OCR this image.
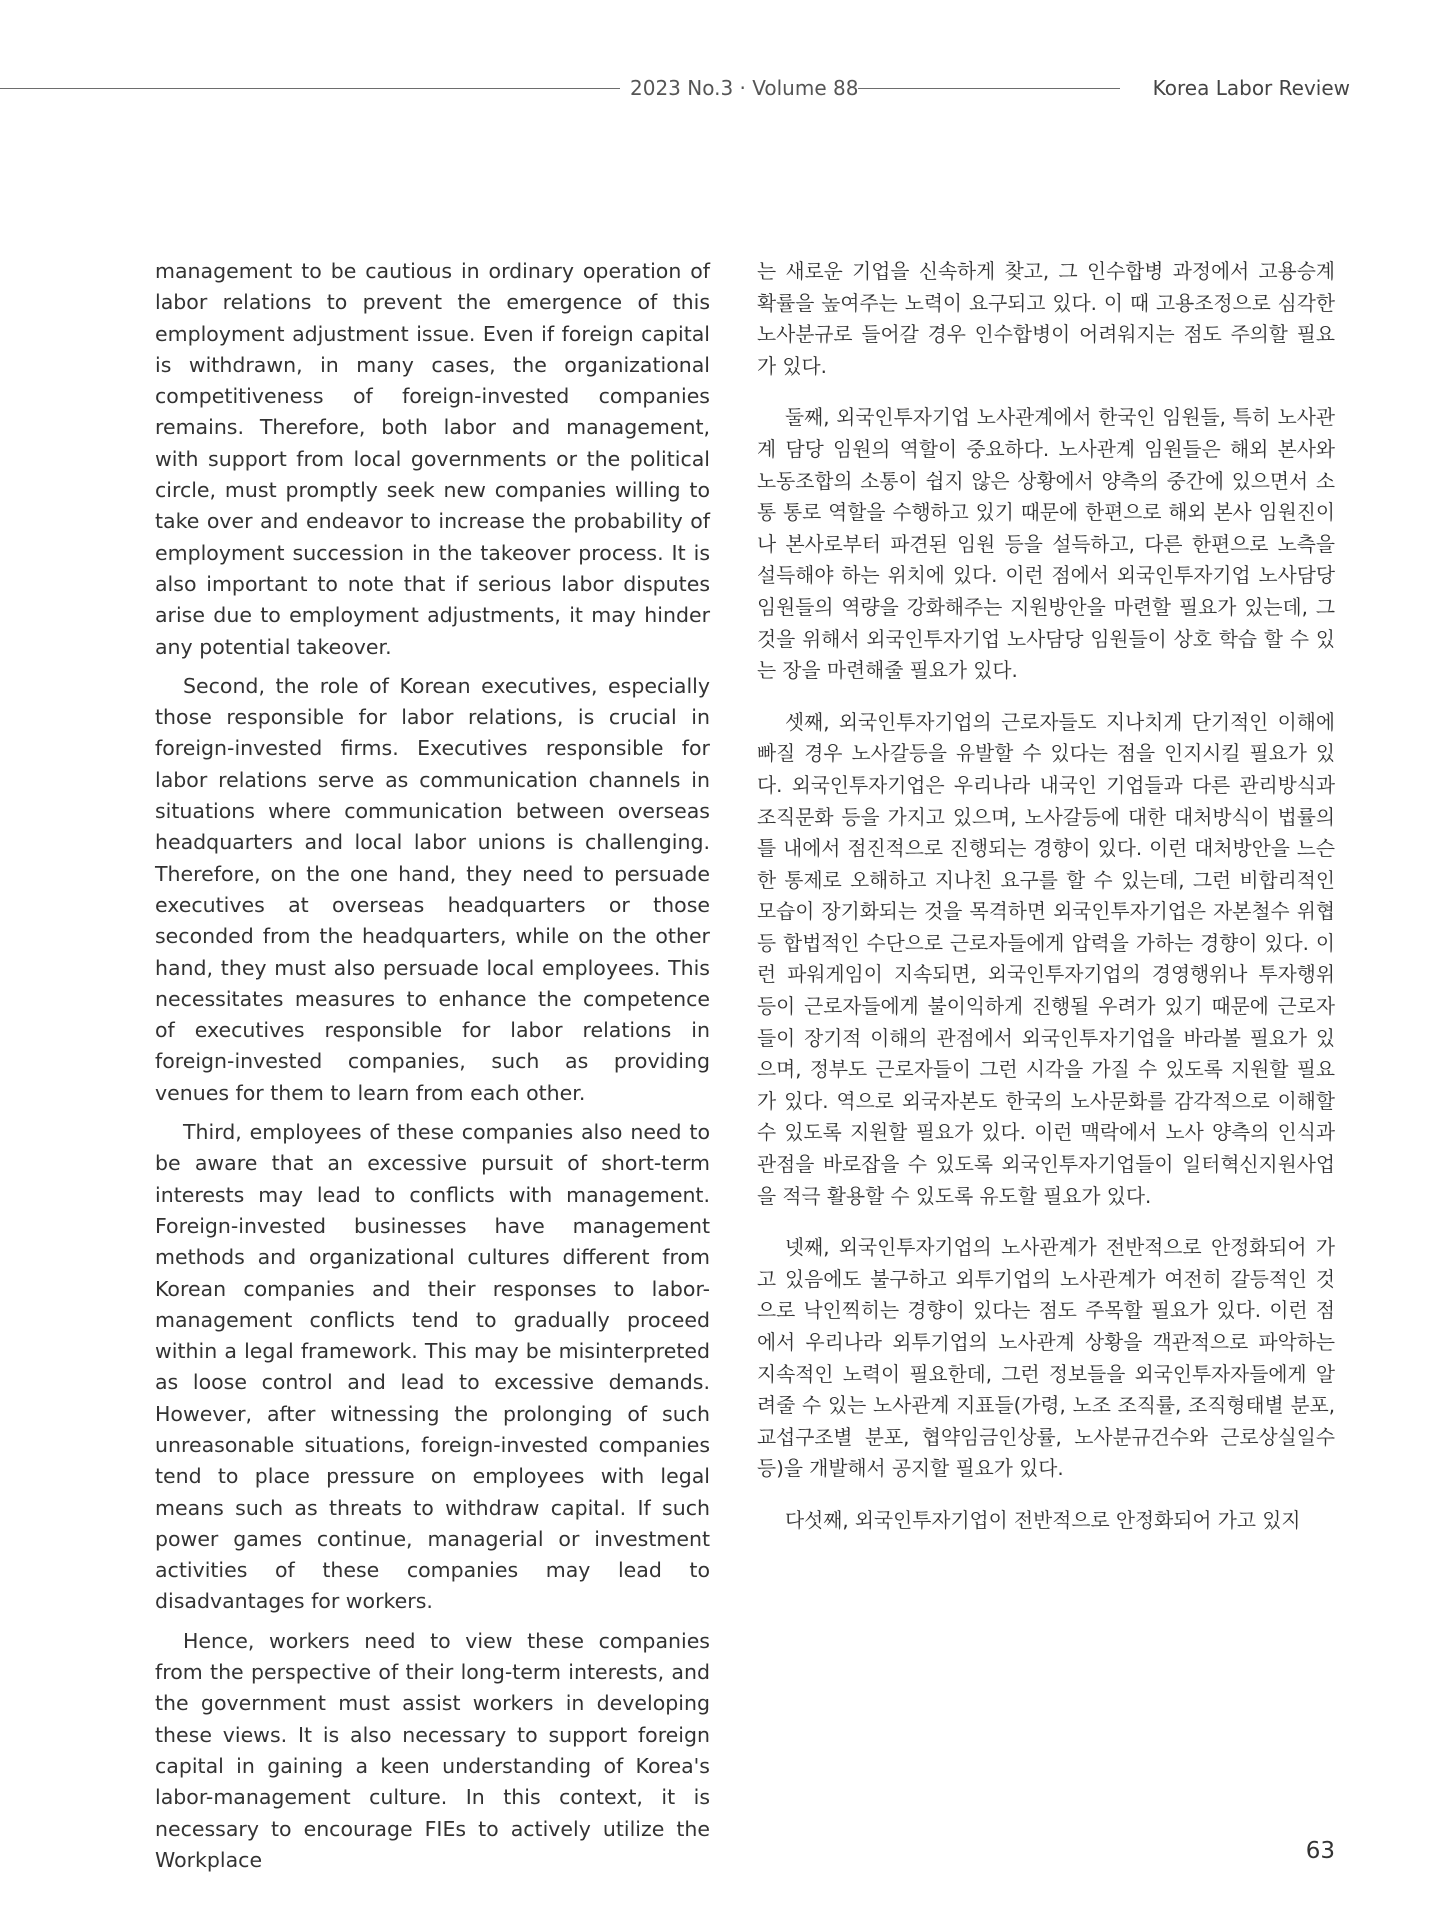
2023 No.3 · Volume 88	Korea Labor Review

management to be cautious in ordinary operation of labor relations to prevent the emergence of this employment adjustment issue. Even if foreign capital is withdrawn, in many cases, the organizational competitiveness of foreign-invested companies remains. Therefore, both labor and management, with support from local governments or the political circle, must promptly seek new companies willing to take over and endeavor to increase the probability of employment succession in the takeover process. It is also important to note that if serious labor disputes arise due to employment adjustments, it may hinder any potential takeover.

Second, the role of Korean executives, especially those responsible for labor relations, is crucial in foreign-invested firms. Executives responsible for labor relations serve as communication channels in situations where communication between overseas headquarters and local labor unions is challenging. Therefore, on the one hand, they need to persuade executives at overseas headquarters or those seconded from the headquarters, while on the other hand, they must also persuade local employees. This necessitates measures to enhance the competence of executives responsible for labor relations in foreign-invested companies, such as providing venues for them to learn from each other.

Third, employees of these companies also need to be aware that an excessive pursuit of short-term interests may lead to conflicts with management. Foreign-invested businesses have management methods and organizational cultures different from Korean companies and their responses to labor-management conflicts tend to gradually proceed within a legal framework. This may be misinterpreted as loose control and lead to excessive demands. However, after witnessing the prolonging of such unreasonable situations, foreign-invested companies tend to place pressure on employees with legal means such as threats to withdraw capital. If such power games continue, managerial or investment activities of these companies may lead to disadvantages for workers.

Hence, workers need to view these companies from the perspective of their long-term interests, and the government must assist workers in developing these views. It is also necessary to support foreign capital in gaining a keen understanding of Korea's labor-management culture. In this context, it is necessary to encourage FIEs to actively utilize the Workplace

는 새로운 기업을 신속하게 찾고, 그 인수합병 과정에서 고용승계 확률을 높여주는 노력이 요구되고 있다. 이 때 고용조정으로 심각한 노사분규로 들어갈 경우 인수합병이 어려워지는 점도 주의할 필요가 있다.

둘째, 외국인투자기업 노사관계에서 한국인 임원들, 특히 노사관계 담당 임원의 역할이 중요하다. 노사관계 임원들은 해외 본사와 노동조합의 소통이 쉽지 않은 상황에서 양측의 중간에 있으면서 소통 통로 역할을 수행하고 있기 때문에 한편으로 해외 본사 임원진이나 본사로부터 파견된 임원 등을 설득하고, 다른 한편으로 노측을 설득해야 하는 위치에 있다. 이런 점에서 외국인투자기업 노사담당 임원들의 역량을 강화해주는 지원방안을 마련할 필요가 있는데, 그것을 위해서 외국인투자기업 노사담당 임원들이 상호 학습 할 수 있는 장을 마련해줄 필요가 있다.

셋째, 외국인투자기업의 근로자들도 지나치게 단기적인 이해에 빠질 경우 노사갈등을 유발할 수 있다는 점을 인지시킬 필요가 있다. 외국인투자기업은 우리나라 내국인 기업들과 다른 관리방식과 조직문화 등을 가지고 있으며, 노사갈등에 대한 대처방식이 법률의 틀 내에서 점진적으로 진행되는 경향이 있다. 이런 대처방안을 느슨한 통제로 오해하고 지나친 요구를 할 수 있는데, 그런 비합리적인 모습이 장기화되는 것을 목격하면 외국인투자기업은 자본철수 위협 등 합법적인 수단으로 근로자들에게 압력을 가하는 경향이 있다. 이런 파워게임이 지속되면, 외국인투자기업의 경영행위나 투자행위 등이 근로자들에게 불이익하게 진행될 우려가 있기 때문에 근로자들이 장기적 이해의 관점에서 외국인투자기업을 바라볼 필요가 있으며, 정부도 근로자들이 그런 시각을 가질 수 있도록 지원할 필요가 있다. 역으로 외국자본도 한국의 노사문화를 감각적으로 이해할 수 있도록 지원할 필요가 있다. 이런 맥락에서 노사 양측의 인식과 관점을 바로잡을 수 있도록 외국인투자기업들이 일터혁신지원사업을 적극 활용할 수 있도록 유도할 필요가 있다.

넷째, 외국인투자기업의 노사관계가 전반적으로 안정화되어 가고 있음에도 불구하고 외투기업의 노사관계가 여전히 갈등적인 것으로 낙인찍히는 경향이 있다는 점도 주목할 필요가 있다. 이런 점에서 우리나라 외투기업의 노사관계 상황을 객관적으로 파악하는 지속적인 노력이 필요한데, 그런 정보들을 외국인투자자들에게 알려줄 수 있는 노사관계 지표들(가령, 노조 조직률, 조직형태별 분포, 교섭구조별 분포, 협약임금인상률, 노사분규건수와 근로상실일수 등)을 개발해서 공지할 필요가 있다.

다섯째, 외국인투자기업이 전반적으로 안정화되어 가고 있지

63
